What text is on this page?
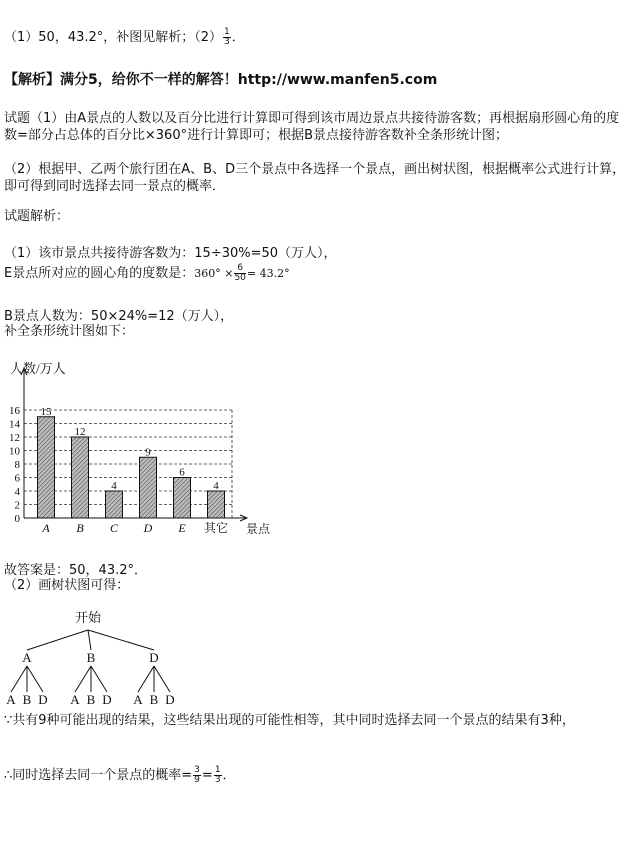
（1）50，43.2°，补图见解析；$(2) \frac{1}{3}$ ．
【解析】满分5，给你不一样的解答！http://www.manfen5.com
试题（1）由A景点的人数以及百分比进行计算即可得到该市周边景点共接待游客数；再根据扇形圆心角的度数=部分占总体的百分比×360°进行计算即可；根据B景点接待游客数补全条形统计图；
（2）根据甲、乙两个旅行团在A、B、D三个景点中各选择一个景点，画出树状图，根据概率公式进行计算，即可得到同时选择去同一景点的概率．
试题解析：
（1）该市景点共接待游客数为：15÷30%=50（万人），
E景点所对应的圆心角的度数是：$360^\circ \times \frac{6}{50} = 43.2^\circ$
B景点人数为：50×24%=12（万人），
补全条形统计图如下：
人数/万人
景点
0
2
4
6
8
10
12
14
16 15
A
12
B
4
C
9
D
6
E
4
其它
故答案是：50，43.2°．
（2）画树状图可得：
开始
A
A B D
B
A B D
D
A B D
∵共有9种可能出现的结果，这些结果出现的可能性相等，其中同时选择去同一个景点的结果有3种，
∴同时选择去同一个景点的概率= $\frac{3}{9} = \frac{1}{3}$ ．
